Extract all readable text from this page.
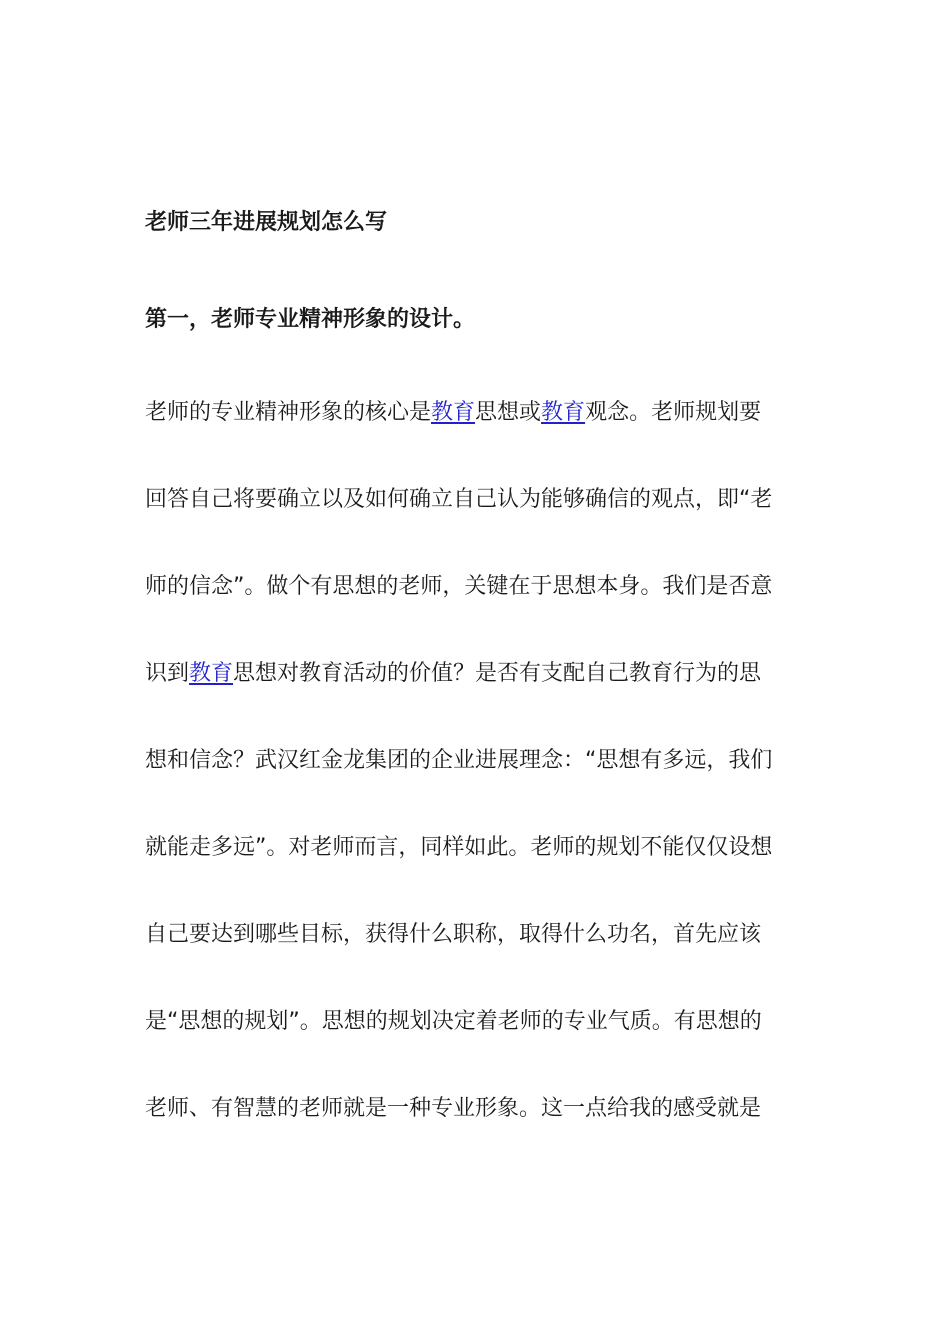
老师三年进展规划怎么写
第一，老师专业精神形象的设计。

老师的专业精神形象的核心是教育思想或教育观念。老师规划要

回答自己将要确立以及如何确立自己认为能够确信的观点，即“老

师的信念”。做个有思想的老师，关键在于思想本身。我们是否意

识到教育思想对教育活动的价值？是否有支配自己教育行为的思

想和信念？武汉红金龙集团的企业进展理念：“思想有多远，我们

就能走多远”。对老师而言，同样如此。老师的规划不能仅仅设想

自己要达到哪些目标，获得什么职称，取得什么功名，首先应该

是“思想的规划”。思想的规划决定着老师的专业气质。有思想的

老师、有智慧的老师就是一种专业形象。这一点给我的感受就是
